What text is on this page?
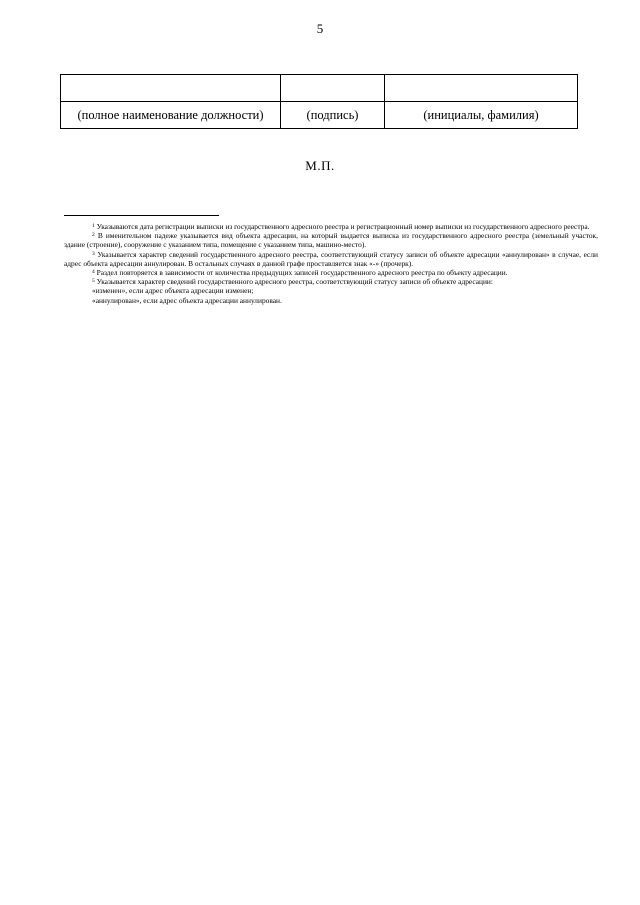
5

(полное наименование должности)	(подпись)	(инициалы, фамилия)
М.П.

$^1$ Указываются дата регистрации выписки из государственного адресного реестра и регистрационный номер выписки из государственного адресного реестра.

$^2$ В именительном падеже указывается вид объекта адресации, на который выдается выписка из государственного адресного реестра (земельный участок, здание (строение), сооружение с указанием типа, помещение с указанием типа, машино-место).

$^3$ Указывается характер сведений государственного адресного реестра, соответствующий статусу записи об объекте адресации «аннулирован» в случае, если адрес объекта адресации аннулирован. В остальных случаях в данной графе проставляется знак «-» (прочерк).

$^4$ Раздел повторяется в зависимости от количества предыдущих записей государственного адресного реестра по объекту адресации.

$^5$ Указывается характер сведений государственного адресного реестра, соответствующий статусу записи об объекте адресации:

«изменен», если адрес объекта адресации изменен;

«аннулирован», если адрес объекта адресации аннулирован.
